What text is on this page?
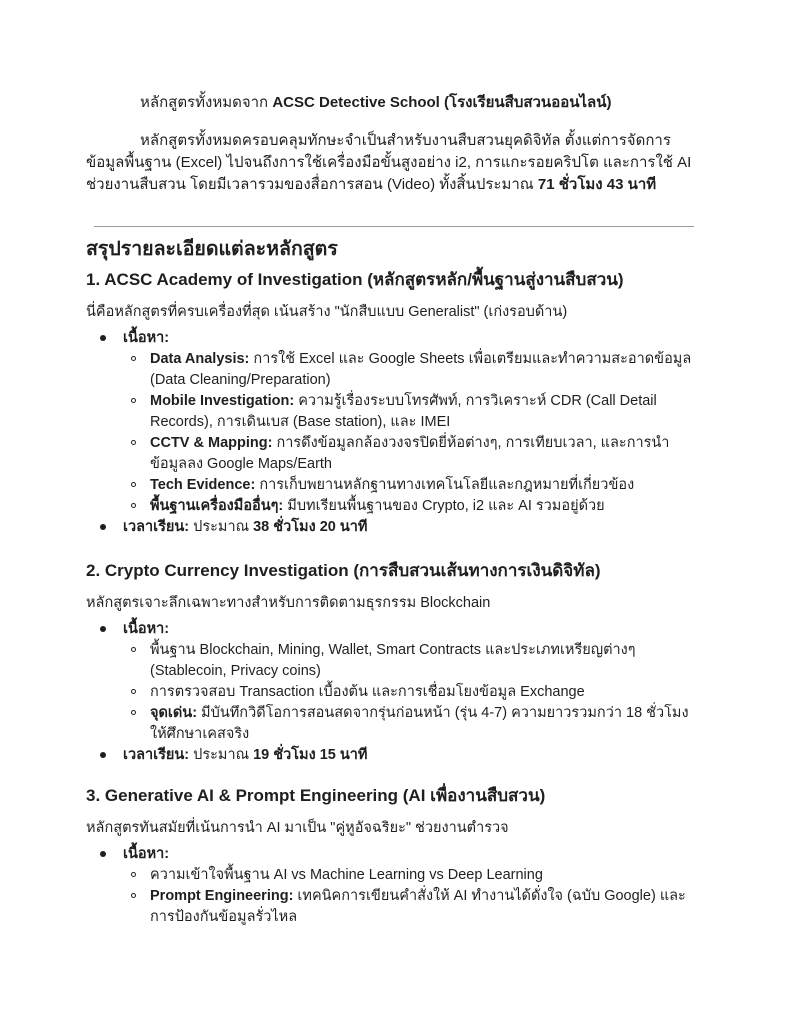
หลักสูตรทั้งหมดจาก ACSC Detective School (โรงเรียนสืบสวนออนไลน์)
หลักสูตรทั้งหมดครอบคลุมทักษะจำเป็นสำหรับงานสืบสวนยุคดิจิทัล ตั้งแต่การจัดการข้อมูลพื้นฐาน (Excel) ไปจนถึงการใช้เครื่องมือขั้นสูงอย่าง i2, การแกะรอยคริปโต และการใช้ AI ช่วยงานสืบสวน โดยมีเวลารวมของสื่อการสอน (Video) ทั้งสิ้นประมาณ 71 ชั่วโมง 43 นาที
สรุปรายละเอียดแต่ละหลักสูตร
1. ACSC Academy of Investigation (หลักสูตรหลัก/พื้นฐานสู่งานสืบสวน)
นี่คือหลักสูตรที่ครบเครื่องที่สุด เน้นสร้าง "นักสืบแบบ Generalist" (เก่งรอบด้าน)
เนื้อหา:
Data Analysis: การใช้ Excel และ Google Sheets เพื่อเตรียมและทำความสะอาดข้อมูล (Data Cleaning/Preparation)
Mobile Investigation: ความรู้เรื่องระบบโทรศัพท์, การวิเคราะห์ CDR (Call Detail Records), การเดินเบส (Base station), และ IMEI
CCTV & Mapping: การดึงข้อมูลกล้องวงจรปิดยี่ห้อต่างๆ, การเทียบเวลา, และการนำข้อมูลลง Google Maps/Earth
Tech Evidence: การเก็บพยานหลักฐานทางเทคโนโลยีและกฎหมายที่เกี่ยวข้อง
พื้นฐานเครื่องมืออื่นๆ: มีบทเรียนพื้นฐานของ Crypto, i2 และ AI รวมอยู่ด้วย
เวลาเรียน: ประมาณ 38 ชั่วโมง 20 นาที
2. Crypto Currency Investigation (การสืบสวนเส้นทางการเงินดิจิทัล)
หลักสูตรเจาะลึกเฉพาะทางสำหรับการติดตามธุรกรรม Blockchain
เนื้อหา:
พื้นฐาน Blockchain, Mining, Wallet, Smart Contracts และประเภทเหรียญต่างๆ (Stablecoin, Privacy coins)
การตรวจสอบ Transaction เบื้องต้น และการเชื่อมโยงข้อมูล Exchange
จุดเด่น: มีบันทึกวิดีโอการสอนสดจากรุ่นก่อนหน้า (รุ่น 4-7) ความยาวรวมกว่า 18 ชั่วโมง ให้ศึกษาเคสจริง
เวลาเรียน: ประมาณ 19 ชั่วโมง 15 นาที
3. Generative AI & Prompt Engineering (AI เพื่องานสืบสวน)
หลักสูตรทันสมัยที่เน้นการนำ AI มาเป็น "คู่หูอัจฉริยะ" ช่วยงานตำรวจ
เนื้อหา:
ความเข้าใจพื้นฐาน AI vs Machine Learning vs Deep Learning
Prompt Engineering: เทคนิคการเขียนคำสั่งให้ AI ทำงานได้ดั่งใจ (ฉบับ Google) และการป้องกันข้อมูลรั่วไหล
